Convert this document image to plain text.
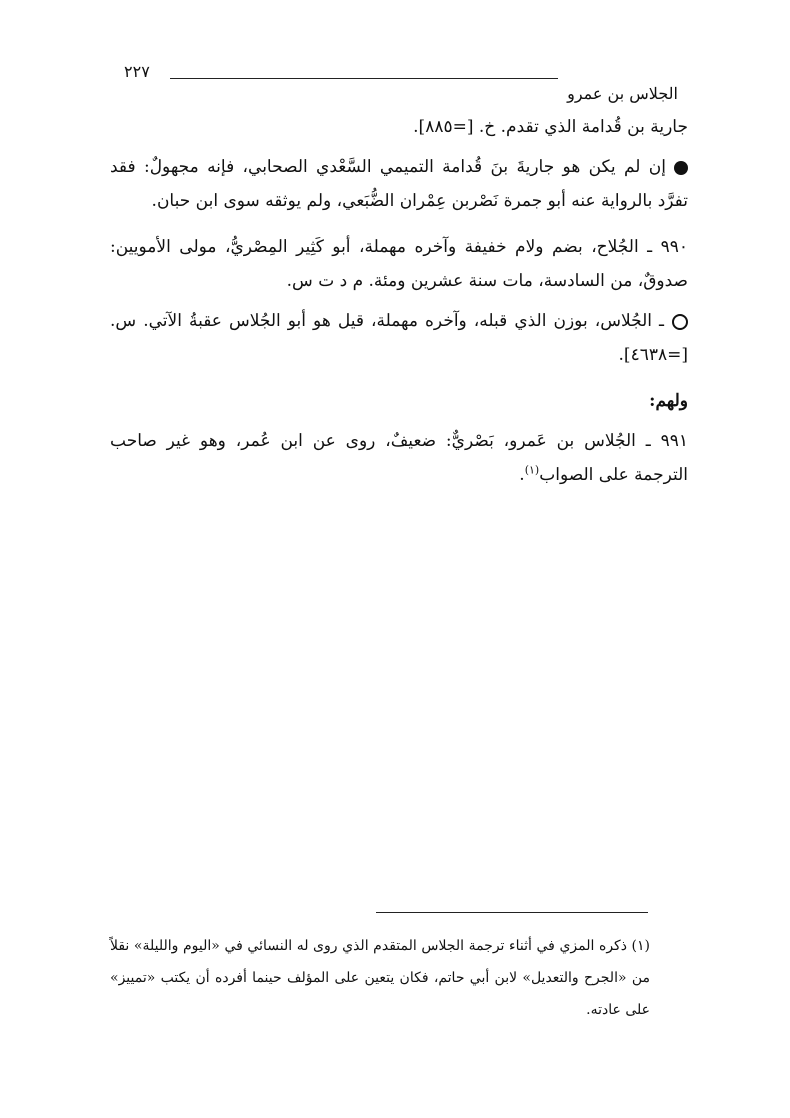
الجلاس بن عمرو
٢٢٧

جارية بن قُدامة الذي تقدم. خ. [=٨٨٥].

إن لم يكن هو جاريةَ بنَ قُدامة التميمي السَّعْدي الصحابي، فإنه مجهولٌ: فقد تفرَّد بالرواية عنه أبو جمرة نَصْربن عِمْران الضُّبَعي، ولم يوثقه سوى ابن حبان.

٩٩٠ ـ الجُلاح، بضم ولام خفيفة وآخره مهملة، أبو كَثِير المِصْريُّ، مولى الأمويين: صدوقٌ، من السادسة، مات سنة عشرين ومئة. م د ت س.

ـ الجُلاس، بوزن الذي قبله، وآخره مهملة، قيل هو أبو الجُلاس عقبةُ الآتي. س. [=٤٦٣٨].

ولهم:

٩٩١ ـ الجُلاس بن عَمرو، بَصْريٌّ: ضعيفٌ، روى عن ابن عُمر، وهو غير صاحب الترجمة على الصواب$^{(١)}$.

(١) ذكره المزي في أثناء ترجمة الجلاس المتقدم الذي روى له النسائي في «اليوم والليلة» نقلاً من «الجرح والتعديل» لابن أبي حاتم، فكان يتعين على المؤلف حينما أفرده أن يكتب «تمييز» على عادته.
